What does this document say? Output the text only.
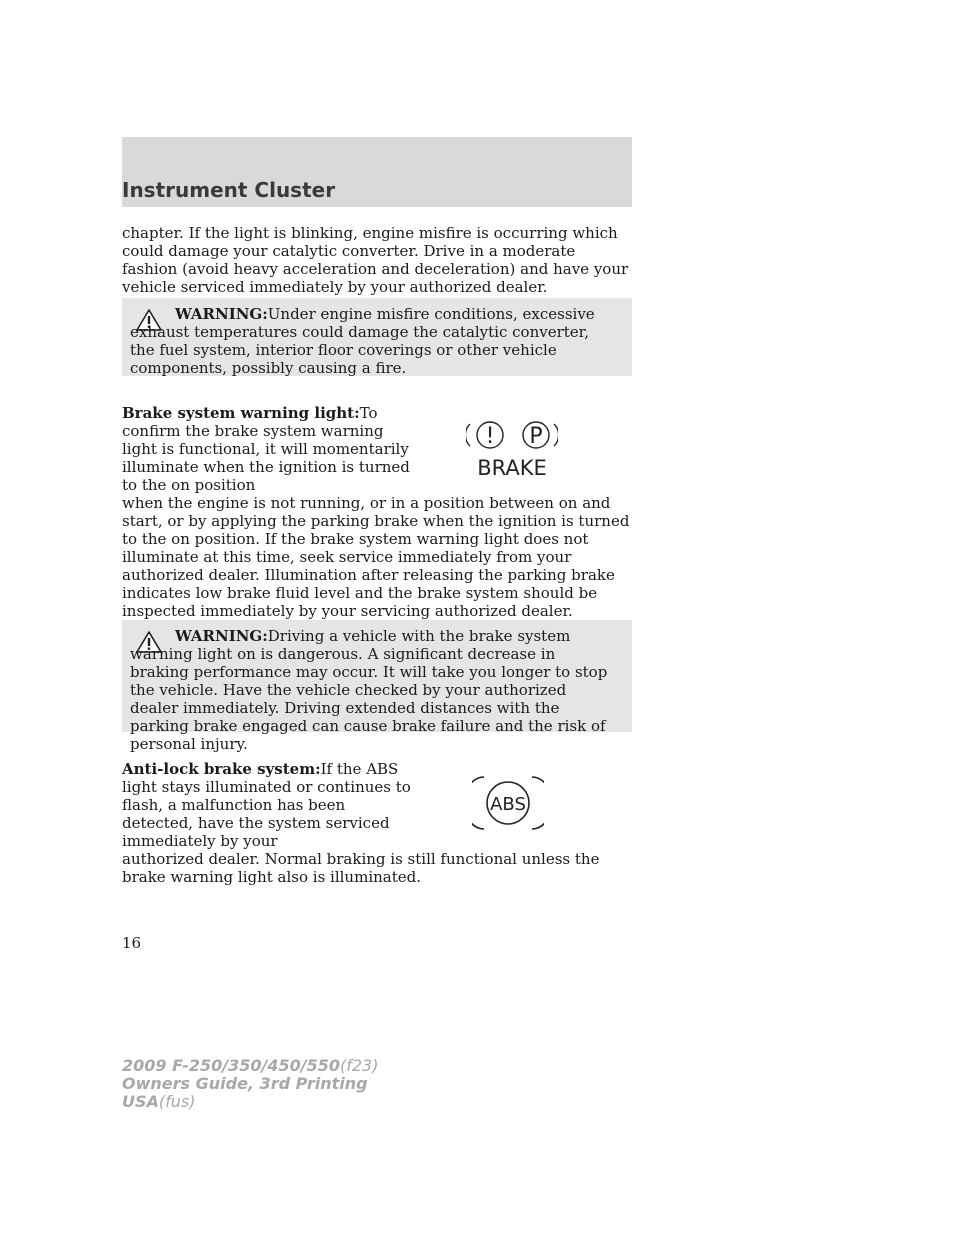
Instrument Cluster

chapter. If the light is blinking, engine misfire is occurring which could damage your catalytic converter. Drive in a moderate fashion (avoid heavy acceleration and deceleration) and have your vehicle serviced immediately by your authorized dealer.

WARNING:Under engine misfire conditions, excessive exhaust temperatures could damage the catalytic converter, the fuel system, interior floor coverings or other vehicle components, possibly causing a fire.

Brake system warning light:To confirm the brake system warning light is functional, it will momentarily illuminate when the ignition is turned to the on position

! P
BRAKE

when the engine is not running, or in a position between on and start, or by applying the parking brake when the ignition is turned to the on position. If the brake system warning light does not illuminate at this time, seek service immediately from your authorized dealer. Illumination after releasing the parking brake indicates low brake fluid level and the brake system should be inspected immediately by your servicing authorized dealer.

WARNING:Driving a vehicle with the brake system warning light on is dangerous. A significant decrease in braking performance may occur. It will take you longer to stop the vehicle. Have the vehicle checked by your authorized dealer immediately. Driving extended distances with the parking brake engaged can cause brake failure and the risk of personal injury.

Anti-lock brake system:If the ABS light stays illuminated or continues to flash, a malfunction has been detected, have the system serviced immediately by your

ABS

authorized dealer. Normal braking is still functional unless the brake warning light also is illuminated.

16

2009 F-250/350/450/550(f23)
Owners Guide, 3rd Printing
USA(fus)
